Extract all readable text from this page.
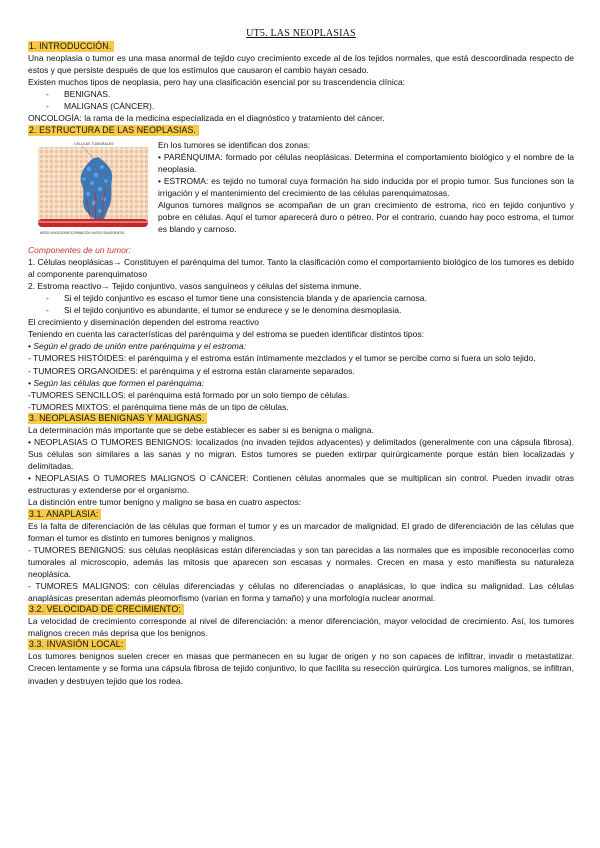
UT5. LAS NEOPLASIAS
1. INTRODUCCIÓN.

Una neoplasia o tumor es una masa anormal de tejido cuyo crecimiento excede al de los tejidos normales, que está descoordinada respecto de estos y que persiste después de que los estímulos que causaron el cambio hayan cesado.

Existen muchos tipos de neoplasia, pero hay una clasificación esencial por su trascendencia clínica:

- BENIGNAS.
- MALIGNAS (CÁNCER).

ONCOLOGÍA: la rama de la medicina especializada en el diagnóstico y tratamiento del cáncer.

2. ESTRUCTURA DE LAS NEOPLASIAS.
CELULAS TUMORALES
MEDIO ANGIOGENOCORMACIÓN VASOS SANGUÍNEOS

En los tumores se identifican dos zonas:

• PARÉNQUIMA: formado por células neoplásicas. Determina el comportamiento biológico y el nombre de la neoplasia.

• ESTROMA: es tejido no tumoral cuya formación ha sido inducida por el propio tumor. Sus funciones son la irrigación y el mantenimiento del crecimiento de las células parenquimatosas.

Algunos tumores malignos se acompañan de un gran crecimiento de estroma, rico en tejido conjuntivo y pobre en células. Aquí el tumor aparecerá duro o pétreo. Por el contrario, cuando hay poco estroma, el tumor es blando y carnoso.

Componentes de un tumor:

1. Células neoplásicas→ Constituyen el parénquima del tumor. Tanto la clasificación como el comportamiento biológico de los tumores es debido al componente parenquimatoso

2. Estroma reactivo→ Tejido conjuntivo, vasos sanguíneos y células del sistema inmune.

- Si el tejido conjuntivo es escaso el tumor tiene una consistencia blanda y de apariencia carnosa.
- Si el tejido conjuntivo es abundante, el tumor se endurece y se le denomina desmoplasia.

El crecimiento y diseminación dependen del estroma reactivo

Teniendo en cuenta las características del parénquima y del estroma se pueden identificar distintos tipos:

• Según el grado de unión entre parénquima y el estroma:

- TUMORES HISTÓIDES: el parénquima y el estroma están íntimamente mezclados y el tumor se percibe como si fuera un solo tejido.

- TUMORES ORGANOIDES: el parénquima y el estroma están claramente separados.

• Según las células que formen el parénquima:

-TUMORES SENCILLOS: el parénquima está formado por un solo tiempo de células.

-TUMORES MIXTOS: el parénquima tiene más de un tipo de células.

3. NEOPLASIAS BENIGNAS Y MALIGNAS.

La determinación más importante que se debe establecer es saber si es benigna o maligna.

• NEOPLASIAS O TUMORES BENIGNOS: localizados (no invaden tejidos adyacentes) y delimitados (generalmente con una cápsula fibrosa). Sus células son similares a las sanas y no migran. Estos tumores se pueden extirpar quirúrgicamente porque están bien localizadas y delimitadas.

• NEOPLASIAS O TUMORES MALIGNOS O CÁNCER: Contienen células anormales que se multiplican sin control. Pueden invadir otras estructuras y extenderse por el organismo.

La distinción entre tumor benigno y maligno se basa en cuatro aspectos:

3.1. ANAPLASIA:

Es la falta de diferenciación de las células que forman el tumor y es un marcador de malignidad. El grado de diferenciación de las células que forman el tumor es distinto en tumores benignos y malignos.

- TUMORES BENIGNOS: sus células neoplásicas están diferenciadas y son tan parecidas a las normales que es imposible reconocerlas como tumorales al microscopio, además las mitosis que aparecen son escasas y normales. Crecen en masa y esto manifiesta su naturaleza neoplásica.

- TUMORES MALIGNOS: con células diferenciadas y células no diferenciadas o anaplásicas, lo que indica su malignidad. Las células anaplásicas presentan además pleomorfismo (varían en forma y tamaño) y una morfología nuclear anormal.

3.2. VELOCIDAD DE CRECIMIENTO:

La velocidad de crecimiento corresponde al nivel de diferenciación: a menor diferenciación, mayor velocidad de crecimiento. Así, los tumores malignos crecen más deprisa que los benignos.

3.3. INVASIÓN LOCAL:

Los tumores benignos suelen crecer en masas que permanecen en su lugar de origen y no son capaces de infiltrar, invadir o metastatizar. Crecen lentamente y se forma una cápsula fibrosa de tejido conjuntivo, lo que facilita su resección quirúrgica. Los tumores malignos, se infiltran, invaden y destruyen tejido que los rodea.
